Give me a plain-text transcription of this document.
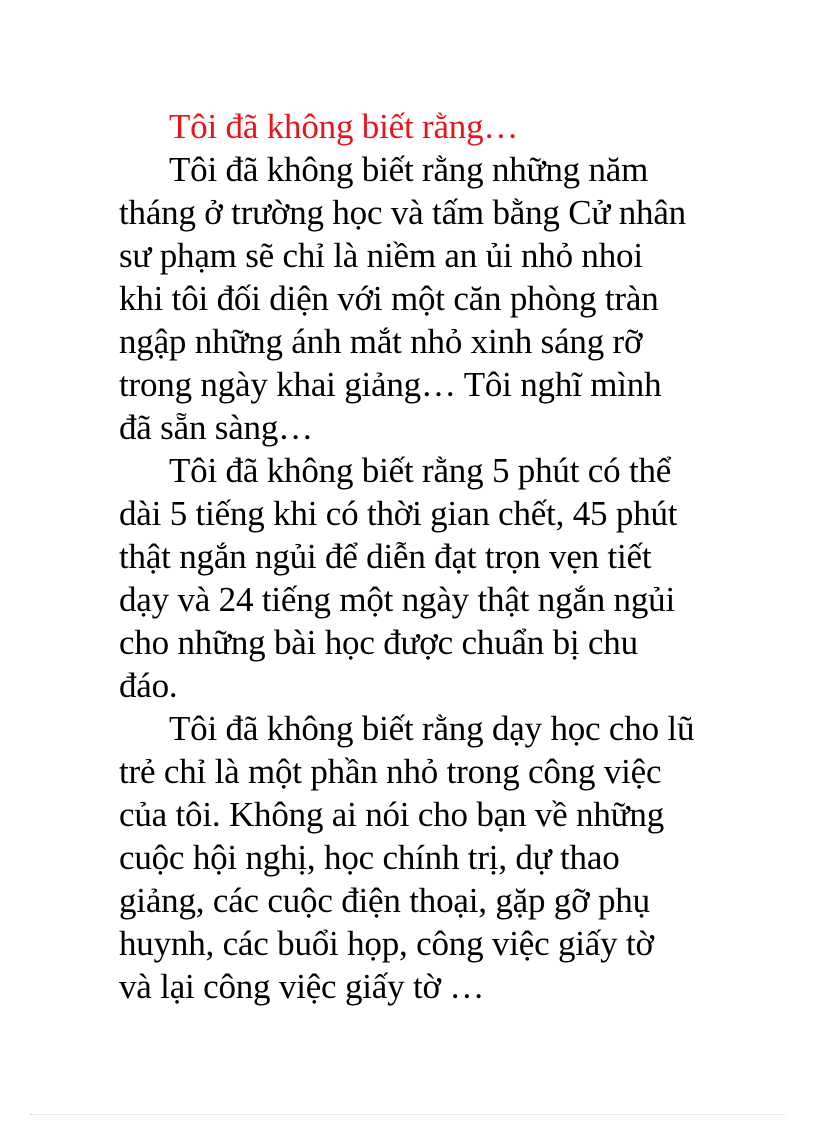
Tôi đã không biết rằng…
Tôi đã không biết rằng những năm
tháng ở trường học và tấm bằng Cử nhân
sư phạm sẽ chỉ là niềm an ủi nhỏ nhoi
khi tôi đối diện với một căn phòng tràn
ngập những ánh mắt nhỏ xinh sáng rỡ
trong ngày khai giảng… Tôi nghĩ mình
đã sẵn sàng…
Tôi đã không biết rằng 5 phút có thể
dài 5 tiếng khi có thời gian chết, 45 phút
thật ngắn ngủi để diễn đạt trọn vẹn tiết
dạy và 24 tiếng một ngày thật ngắn ngủi
cho những bài học được chuẩn bị chu
đáo.
Tôi đã không biết rằng dạy học cho lũ
trẻ chỉ là một phần nhỏ trong công việc
của tôi. Không ai nói cho bạn về những
cuộc hội nghị, học chính trị, dự thao
giảng, các cuộc điện thoại, gặp gỡ phụ
huynh, các buổi họp, công việc giấy tờ
và lại công việc giấy tờ …
